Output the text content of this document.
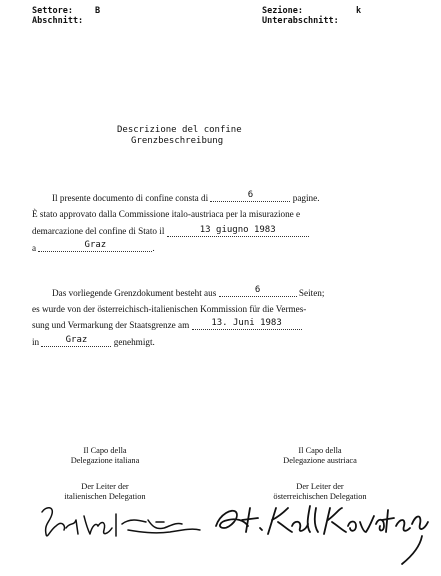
Settore:	B
Abschnitt:
Sezione:	k
Unterabschnitt:
Descrizione del confine
Grenzbeschreibung
Il presente documento di confine consta di	6	pagine.
È stato approvato dalla Commissione italo-austriaca per la misurazione e
demarcazione del confine di Stato il	13 giugno 1983
a	Graz	.
Das vorliegende Grenzdokument besteht aus	6	Seiten;
es wurde von der österreichisch-italienischen Kommission für die Vermes-
sung und Vermarkung der Staatsgrenze am 13. Juni 1983
in	Graz	genehmigt.
Il Capo della
Delegazione italiana
Der Leiter der
italienischen Delegation
Il Capo della
Delegazione austriaca
Der Leiter der
österreichischen Delegation
